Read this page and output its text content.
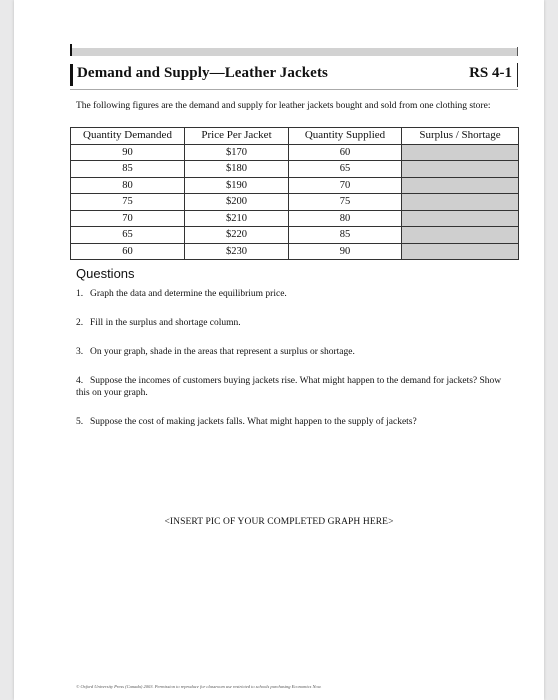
Demand and Supply—Leather Jackets	RS 4-1
The following figures are the demand and supply for leather jackets bought and sold from one clothing store:
Quantity Demanded	Price Per Jacket	Quantity Supplied	Surplus / Shortage
90	$170	60	
85	$180	65	
80	$190	70	
75	$200	75	
70	$210	80	
65	$220	85	
60	$230	90	
Questions
1. Graph the data and determine the equilibrium price.
2. Fill in the surplus and shortage column.
3. On your graph, shade in the areas that represent a surplus or shortage.
4. Suppose the incomes of customers buying jackets rise. What might happen to the demand for jackets? Show this on your graph.
5. Suppose the cost of making jackets falls. What might happen to the supply of jackets?
<INSERT PIC OF YOUR COMPLETED GRAPH HERE>
© Oxford University Press (Canada) 2003. Permission to reproduce for classroom use restricted to schools purchasing Economics Now.
